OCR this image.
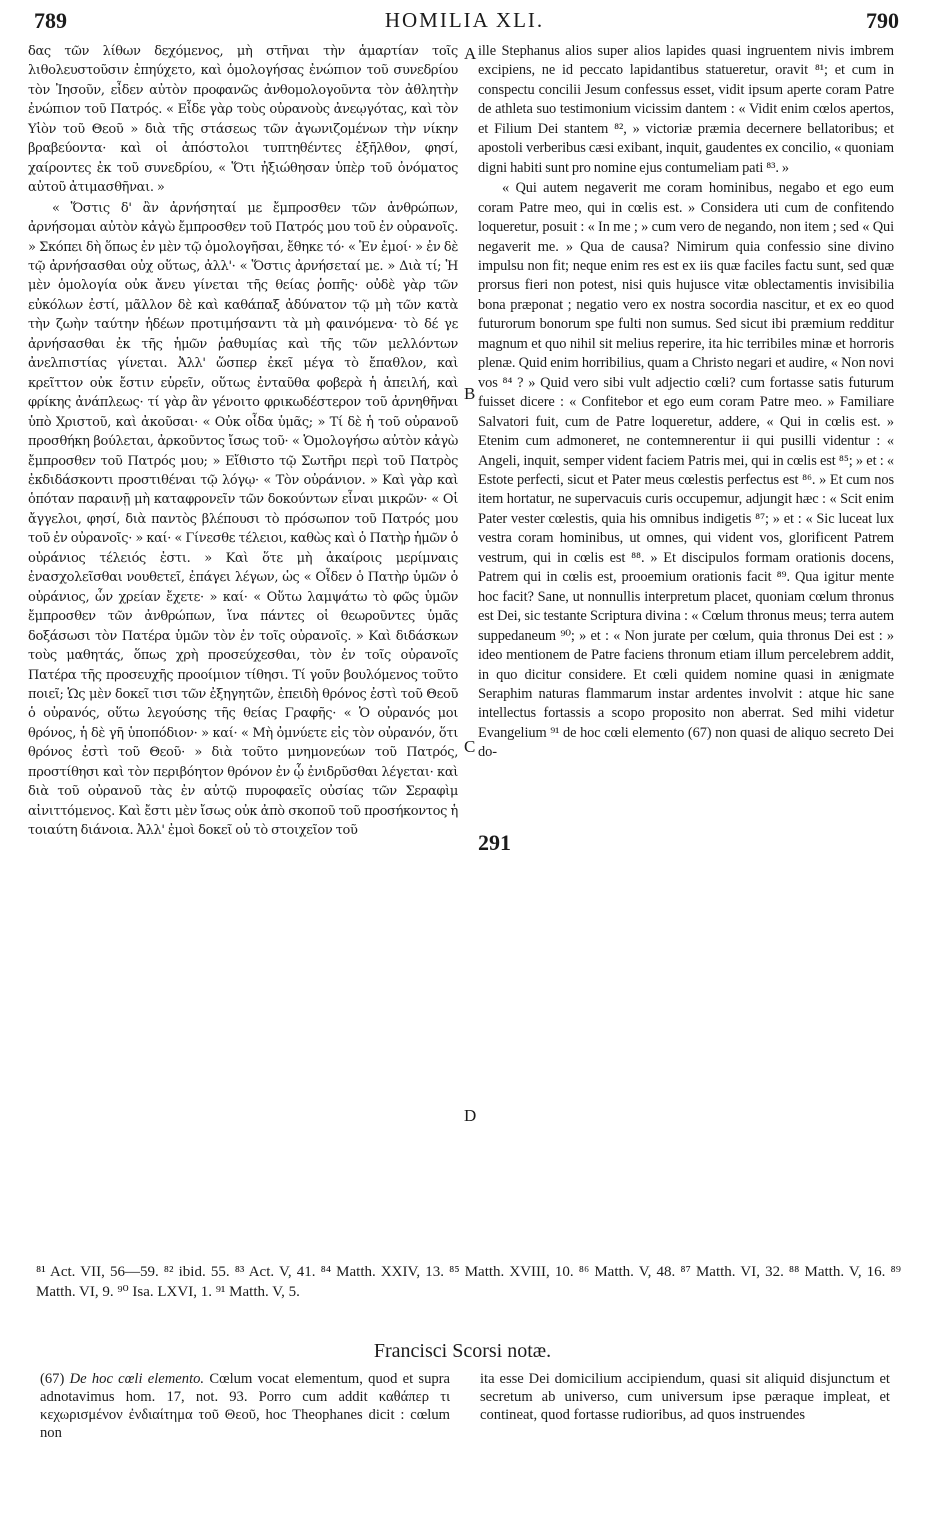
789	HOMILIA XLI.	790

δας τῶν λίθων δεχόμενος, μὴ στῆναι τὴν ἁμαρτίαν τοῖς λιθολευστοῦσιν ἐπηύχετο, καὶ ὁμολογήσας ἐνώπιον τοῦ συνεδρίου τὸν Ἰησοῦν, εἶδεν αὐτὸν προφανῶς ἀνθομολογοῦντα τὸν ἀθλητὴν ἐνώπιον τοῦ Πατρός. « Εἶδε γὰρ τοὺς οὐρανοὺς ἀνεῳγότας, καὶ τὸν Υἱὸν τοῦ Θεοῦ » διὰ τῆς στάσεως τῶν ἀγωνιζομένων τὴν νίκην βραβεύοντα· καὶ οἱ ἀπόστολοι τυπτηθέντες ἐξῆλθον, φησί, χαίροντες ἐκ τοῦ συνεδρίου, « Ὅτι ἠξιώθησαν ὑπὲρ τοῦ ὀνόματος αὐτοῦ ἀτιμασθῆναι. »

« Ὅστις δ' ἂν ἀρνήσηταί με ἔμπροσθεν τῶν ἀνθρώπων, ἀρνήσομαι αὐτὸν κἀγὼ ἔμπροσθεν τοῦ Πατρός μου τοῦ ἐν οὐρανοῖς. » Σκόπει δὴ ὅπως ἐν μὲν τῷ ὁμολογῆσαι, ἔθηκε τό· « Ἐν ἐμοί· » ἐν δὲ τῷ ἀρνήσασθαι οὐχ οὕτως, ἀλλ'· « Ὅστις ἀρνήσεταί με. » Διὰ τί; Ἡ μὲν ὁμολογία οὐκ ἄνευ γίνεται τῆς θείας ῥοπῆς· οὐδὲ γὰρ τῶν εὐκόλων ἐστί, μᾶλλον δὲ καὶ καθάπαξ ἀδύνατον τῷ μὴ τῶν κατὰ τὴν ζωὴν ταύτην ἡδέων προτιμήσαντι τὰ μὴ φαινόμενα· τὸ δέ γε ἀρνήσασθαι ἐκ τῆς ἡμῶν ῥαθυμίας καὶ τῆς τῶν μελλόντων ἀνελπιστίας γίνεται. Ἀλλ' ὥσπερ ἐκεῖ μέγα τὸ ἔπαθλον, καὶ κρεῖττον οὐκ ἔστιν εὑρεῖν, οὕτως ἐνταῦθα φοβερὰ ἡ ἀπειλή, καὶ φρίκης ἀνάπλεως· τί γὰρ ἂν γένοιτο φρικωδέστερον τοῦ ἀρνηθῆναι ὑπὸ Χριστοῦ, καὶ ἀκοῦσαι· « Οὐκ οἶδα ὑμᾶς; » Τί δὲ ἡ τοῦ οὐρανοῦ προσθήκη βούλεται, ἀρκοῦντος ἴσως τοῦ· « Ὁμολογήσω αὐτὸν κἀγὼ ἔμπροσθεν τοῦ Πατρός μου; » Εἴθιστο τῷ Σωτῆρι περὶ τοῦ Πατρὸς ἐκδιδάσκοντι προστιθέναι τῷ λόγῳ· « Τὸν οὐράνιον. » Καὶ γὰρ καὶ ὁπόταν παραινῇ μὴ καταφρονεῖν τῶν δοκούντων εἶναι μικρῶν· « Οἱ ἄγγελοι, φησί, διὰ παντὸς βλέπουσι τὸ πρόσωπον τοῦ Πατρός μου τοῦ ἐν οὐρανοῖς· » καί· « Γίνεσθε τέλειοι, καθὼς καὶ ὁ Πατὴρ ἡμῶν ὁ οὐράνιος τέλειός ἐστι. » Καὶ ὅτε μὴ ἀκαίροις μερίμναις ἐνασχολεῖσθαι νουθετεῖ, ἐπάγει λέγων, ὡς « Οἶδεν ὁ Πατὴρ ὑμῶν ὁ οὐράνιος, ὧν χρείαν ἔχετε· » καί· « Οὕτω λαμψάτω τὸ φῶς ὑμῶν ἔμπροσθεν τῶν ἀνθρώπων, ἵνα πάντες οἱ θεωροῦντες ὑμᾶς δοξάσωσι τὸν Πατέρα ὑμῶν τὸν ἐν τοῖς οὐρανοῖς. » Καὶ διδάσκων τοὺς μαθητάς, ὅπως χρὴ προσεύχεσθαι, τὸν ἐν τοῖς οὐρανοῖς Πατέρα τῆς προσευχῆς προοίμιον τίθησι. Τί γοῦν βουλόμενος τοῦτο ποιεῖ; Ὡς μὲν δοκεῖ τισι τῶν ἐξηγητῶν, ἐπειδὴ θρόνος ἐστὶ τοῦ Θεοῦ ὁ οὐρανός, οὕτω λεγούσης τῆς θείας Γραφῆς· « Ὁ οὐρανός μοι θρόνος, ἡ δὲ γῆ ὑποπόδιον· » καί· « Μὴ ὀμνύετε εἰς τὸν οὐρανόν, ὅτι θρόνος ἐστὶ τοῦ Θεοῦ· » διὰ τοῦτο μνημονεύων τοῦ Πατρός, προστίθησι καὶ τὸν περιβόητον θρόνον ἐν ᾧ ἐνιδρῦσθαι λέγεται· καὶ διὰ τοῦ οὐρανοῦ τὰς ἐν αὐτῷ πυροφαεῖς οὐσίας τῶν Σεραφὶμ αἰνιττόμενος. Καὶ ἔστι μὲν ἴσως οὐκ ἀπὸ σκοποῦ τοῦ προσήκοντος ἡ τοιαύτη διάνοια. Ἀλλ' ἐμοὶ δοκεῖ οὐ τὸ στοιχεῖον τοῦ

ille Stephanus alios super alios lapides quasi ingruentem nivis imbrem excipiens, ne id peccato lapidantibus statueretur, oravit ⁸¹; et cum in conspectu concilii Jesum confessus esset, vidit ipsum aperte coram Patre de athleta suo testimonium vicissim dantem : « Vidit enim cœlos apertos, et Filium Dei stantem ⁸², » victoriæ præmia decernere bellatoribus; et apostoli verberibus cæsi exibant, inquit, gaudentes ex concilio, « quoniam digni habiti sunt pro nomine ejus contumeliam pati ⁸³. »

« Qui autem negaverit me coram hominibus, negabo et ego eum coram Patre meo, qui in cœlis est. » Considera uti cum de confitendo loqueretur, posuit : « In me ; » cum vero de negando, non item ; sed « Qui negaverit me. » Qua de causa? Nimirum quia confessio sine divino impulsu non fit; neque enim res est ex iis quæ faciles factu sunt, sed quæ prorsus fieri non potest, nisi quis hujusce vitæ oblectamentis invisibilia bona præponat ; negatio vero ex nostra socordia nascitur, et ex eo quod futurorum bonorum spe fulti non sumus. Sed sicut ibi præmium redditur magnum et quo nihil sit melius reperire, ita hic terribiles minæ et horroris plenæ. Quid enim horribilius, quam a Christo negari et audire, « Non novi vos ⁸⁴ ? » Quid vero sibi vult adjectio cœli? cum fortasse satis futurum fuisset dicere : « Confitebor et ego eum coram Patre meo. » Familiare Salvatori fuit, cum de Patre loqueretur, addere, « Qui in cœlis est. » Etenim cum admoneret, ne contemnerentur ii qui pusilli videntur : « Angeli, inquit, semper vident faciem Patris mei, qui in cœlis est ⁸⁵; » et : « Estote perfecti, sicut et Pater meus cœlestis perfectus est ⁸⁶. » Et cum nos item hortatur, ne supervacuis curis occupemur, adjungit hæc : « Scit enim Pater vester cœlestis, quia his omnibus indigetis ⁸⁷; » et : « Sic luceat lux vestra coram hominibus, ut omnes, qui vident vos, glorificent Patrem vestrum, qui in cœlis est ⁸⁸. » Et discipulos formam orationis docens, Patrem qui in cœlis est, prooemium orationis facit ⁸⁹. Qua igitur mente hoc facit? Sane, ut nonnullis interpretum placet, quoniam cœlum thronus est Dei, sic testante Scriptura divina : « Cœlum thronus meus; terra autem suppedaneum ⁹⁰; » et : « Non jurate per cœlum, quia thronus Dei est : » ideo mentionem de Patre faciens thronum etiam illum percelebrem addit, in quo dicitur considere. Et cœli quidem nomine quasi in ænigmate Seraphim naturas flammarum instar ardentes involvit : atque hic sane intellectus fortassis a scopo proposito non aberrat. Sed mihi videtur Evangelium ⁹¹ de hoc cœli elemento (67) non quasi de aliquo secreto Dei do-

A
B
C
D
291
⁸¹ Act. VII, 56—59. ⁸² ibid. 55. ⁸³ Act. V, 41. ⁸⁴ Matth. XXIV, 13. ⁸⁵ Matth. XVIII, 10. ⁸⁶ Matth. V, 48. ⁸⁷ Matth. VI, 32. ⁸⁸ Matth. V, 16. ⁸⁹ Matth. VI, 9. ⁹⁰ Isa. LXVI, 1. ⁹¹ Matth. V, 5.
Francisci Scorsi notæ.
(67) De hoc cœli elemento. Cœlum vocat elementum, quod et supra adnotavimus hom. 17, not. 93. Porro cum addit καθάπερ τι κεχωρισμένον ἐνδιαίτημα τοῦ Θεοῦ, hoc Theophanes dicit : cœlum non
ita esse Dei domicilium accipiendum, quasi sit aliquid disjunctum et secretum ab universo, cum universum ipse pæraque impleat, et contineat, quod fortasse rudioribus, ad quos instruendes
